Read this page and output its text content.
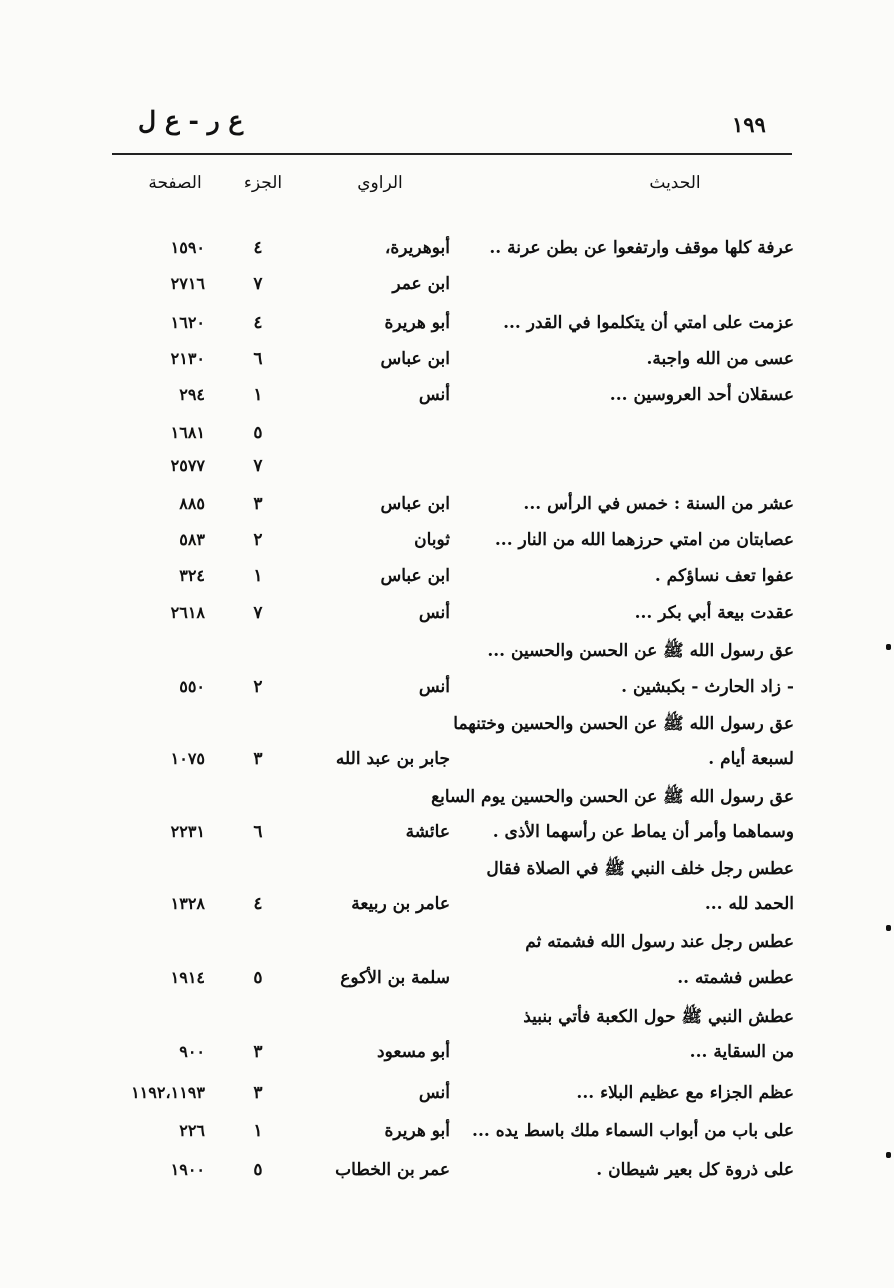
١٩٩
ع ر - ع ل
الحديث
الراوي
الجزء
الصفحة
عرفة كلها موقف وارتفعوا عن بطن عرنة ..
أبوهريرة،
٤
١٥٩٠
ابن عمر
٧
٢٧١٦
عزمت على امتي أن يتكلموا في القدر ...
أبو هريرة
٤
١٦٢٠
عسى من الله واجبة.
ابن عباس
٦
٢١٣٠
عسقلان أحد العروسين ...
أنس
١
٢٩٤
٥
١٦٨١
٧
٢٥٧٧
عشر من السنة : خمس في الرأس ...
ابن عباس
٣
٨٨٥
عصابتان من امتي حرزهما الله من النار ...
ثوبان
٢
٥٨٣
عفوا تعف نساؤكم .
ابن عباس
١
٣٢٤
عقدت بيعة أبي بكر ...
أنس
٧
٢٦١٨
عق رسول الله ﷺ عن الحسن والحسين ...
- زاد الحارث - بكبشين .
أنس
٢
٥٥٠
عق رسول الله ﷺ عن الحسن والحسين وختنهما
لسبعة أيام .
جابر بن عبد الله
٣
١٠٧٥
عق رسول الله ﷺ عن الحسن والحسين يوم السابع
وسماهما وأمر أن يماط عن رأسهما الأذى .
عائشة
٦
٢٢٣١
عطس رجل خلف النبي ﷺ في الصلاة فقال
الحمد لله ...
عامر بن ربيعة
٤
١٣٢٨
عطس رجل عند رسول الله فشمته ثم
عطس فشمته ..
سلمة بن الأكوع
٥
١٩١٤
عطش النبي ﷺ حول الكعبة فأتي بنبيذ
من السقاية ...
أبو مسعود
٣
٩٠٠
عظم الجزاء مع عظيم البلاء ...
أنس
٣
١١٩٢،١١٩٣
على باب من أبواب السماء ملك باسط يده ...
أبو هريرة
١
٢٢٦
على ذروة كل بعير شيطان .
عمر بن الخطاب
٥
١٩٠٠
